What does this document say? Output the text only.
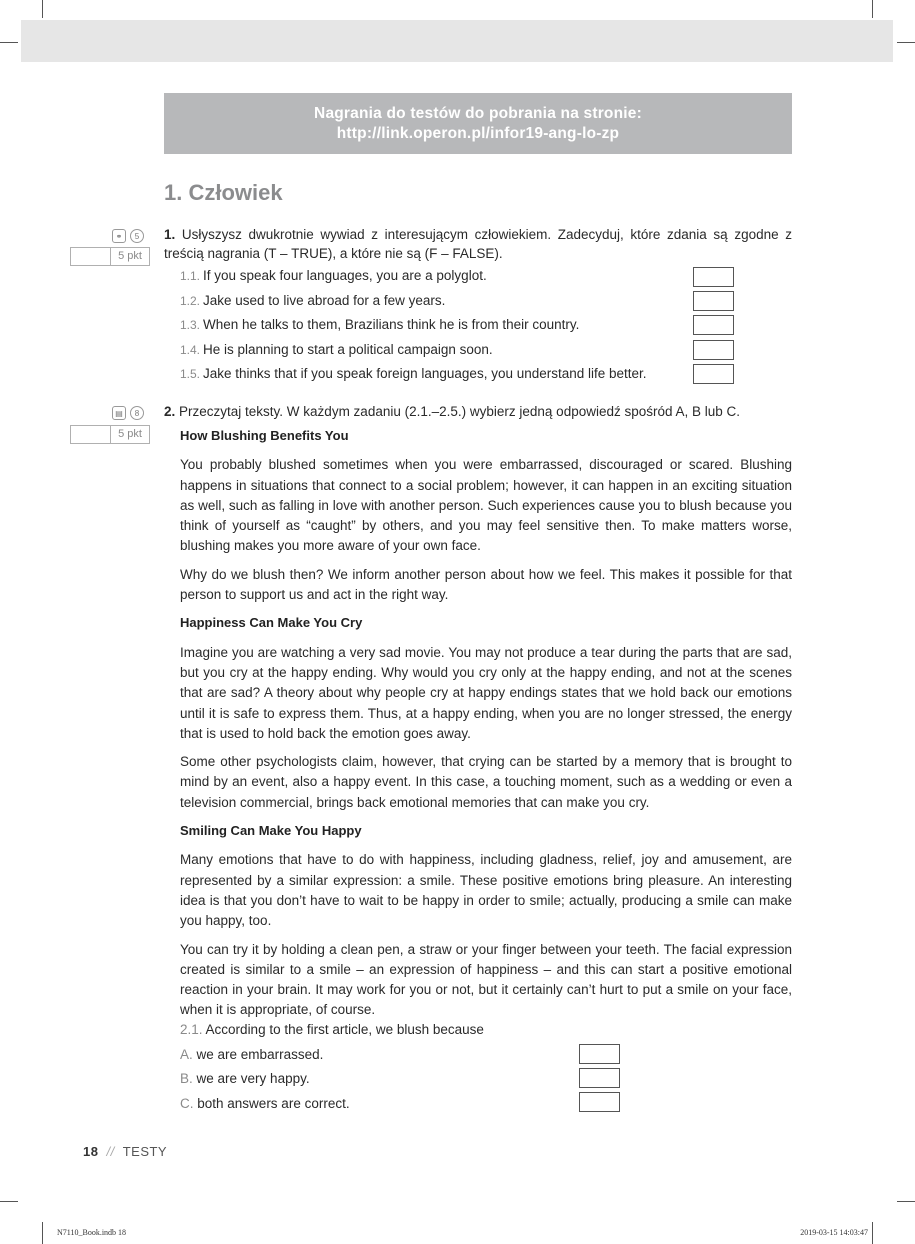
Nagrania do testów do pobrania na stronie:
http://link.operon.pl/infor19-ang-lo-zp
1. Człowiek
⚭	5
5 pkt
1. Usłyszysz dwukrotnie wywiad z interesującym człowiekiem. Zadecyduj, które zdania są zgodne z treścią nagrania (T – TRUE), a które nie są (F – FALSE).
1.1. If you speak four languages, you are a polyglot.
1.2. Jake used to live abroad for a few years.
1.3. When he talks to them, Brazilians think he is from their country.
1.4. He is planning to start a political campaign soon.
1.5. Jake thinks that if you speak foreign languages, you understand life better.
▤	8
5 pkt
2. Przeczytaj teksty. W każdym zadaniu (2.1.–2.5.) wybierz jedną odpowiedź spośród A, B lub C.
How Blushing Benefits You

You probably blushed sometimes when you were embarrassed, discouraged or scared. Blushing happens in situations that connect to a social problem; however, it can happen in an exciting situation as well, such as falling in love with another person. Such experiences cause you to blush because you think of yourself as “caught” by others, and you may feel sensitive then. To make matters worse, blushing makes you more aware of your own face.

Why do we blush then? We inform another person about how we feel. This makes it possible for that person to support us and act in the right way.

Happiness Can Make You Cry

Imagine you are watching a very sad movie. You may not produce a tear during the parts that are sad, but you cry at the happy ending. Why would you cry only at the happy ending, and not at the scenes that are sad? A theory about why people cry at happy endings states that we hold back our emotions until it is safe to express them. Thus, at a happy ending, when you are no longer stressed, the energy that is used to hold back the emotion goes away.

Some other psychologists claim, however, that crying can be started by a memory that is brought to mind by an event, also a happy event. In this case, a touching moment, such as a wedding or even a television commercial, brings back emotional memories that can make you cry.

Smiling Can Make You Happy

Many emotions that have to do with happiness, including gladness, relief, joy and amusement, are represented by a similar expression: a smile. These positive emotions bring pleasure. An interesting idea is that you don’t have to wait to be happy in order to smile; actually, producing a smile can make you happy, too.

You can try it by holding a clean pen, a straw or your finger between your teeth. The facial expression created is similar to a smile – an expression of happiness – and this can start a positive emotional reaction in your brain. It may work for you or not, but it certainly can’t hurt to put a smile on your face, when it is appropriate, of course.

2.1. According to the first article, we blush because
A. we are embarrassed.
B. we are very happy.
C. both answers are correct.
18 // TESTY
N7110_Book.indb 18	2019-03-15 14:03:47
